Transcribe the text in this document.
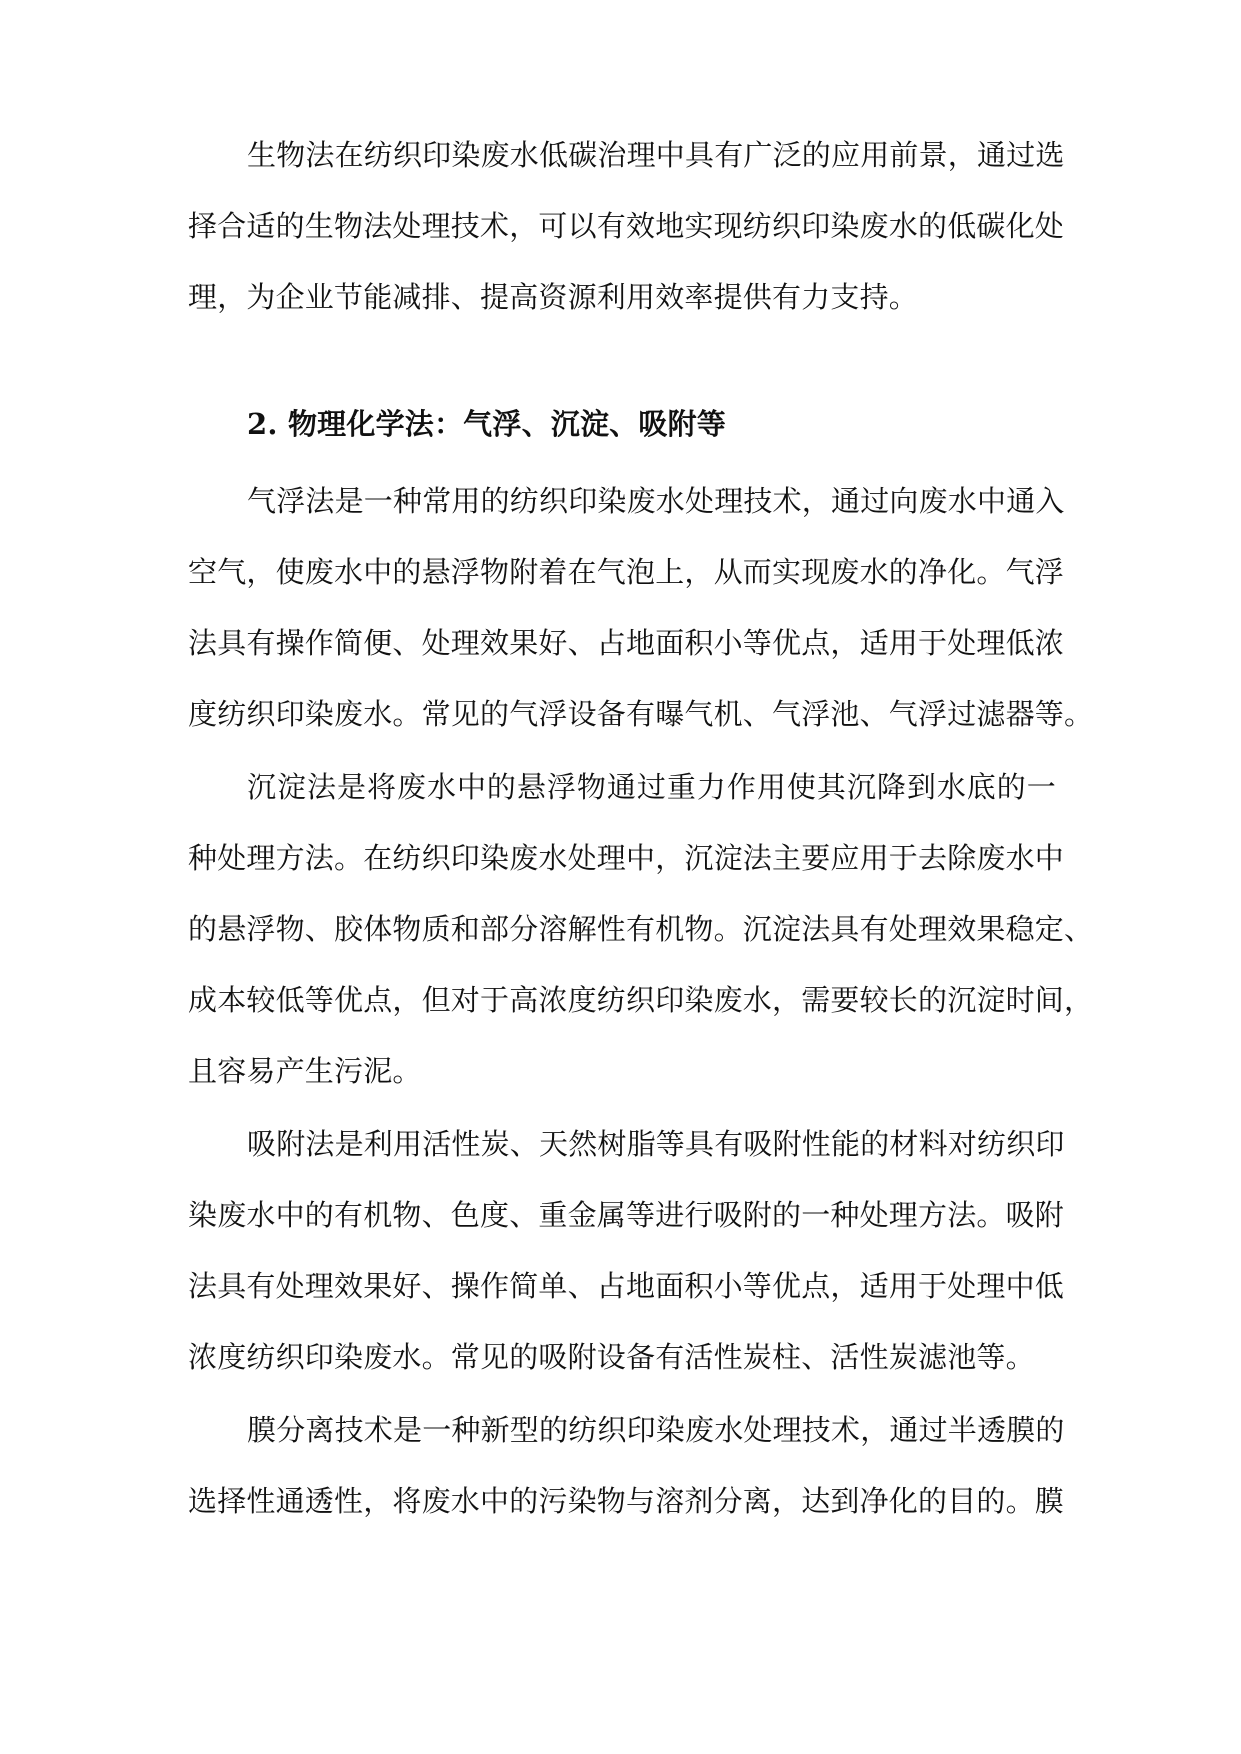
生物法在纺织印染废水低碳治理中具有广泛的应用前景，通过选
择合适的生物法处理技术，可以有效地实现纺织印染废水的低碳化处
理，为企业节能减排、提高资源利用效率提供有力支持。
2. 物理化学法：气浮、沉淀、吸附等
气浮法是一种常用的纺织印染废水处理技术，通过向废水中通入
空气，使废水中的悬浮物附着在气泡上，从而实现废水的净化。气浮
法具有操作简便、处理效果好、占地面积小等优点，适用于处理低浓
度纺织印染废水。常见的气浮设备有曝气机、气浮池、气浮过滤器等。
沉淀法是将废水中的悬浮物通过重力作用使其沉降到水底的一
种处理方法。在纺织印染废水处理中，沉淀法主要应用于去除废水中
的悬浮物、胶体物质和部分溶解性有机物。沉淀法具有处理效果稳定、
成本较低等优点，但对于高浓度纺织印染废水，需要较长的沉淀时间，
且容易产生污泥。
吸附法是利用活性炭、天然树脂等具有吸附性能的材料对纺织印
染废水中的有机物、色度、重金属等进行吸附的一种处理方法。吸附
法具有处理效果好、操作简单、占地面积小等优点，适用于处理中低
浓度纺织印染废水。常见的吸附设备有活性炭柱、活性炭滤池等。
膜分离技术是一种新型的纺织印染废水处理技术，通过半透膜的
选择性通透性，将废水中的污染物与溶剂分离，达到净化的目的。膜
